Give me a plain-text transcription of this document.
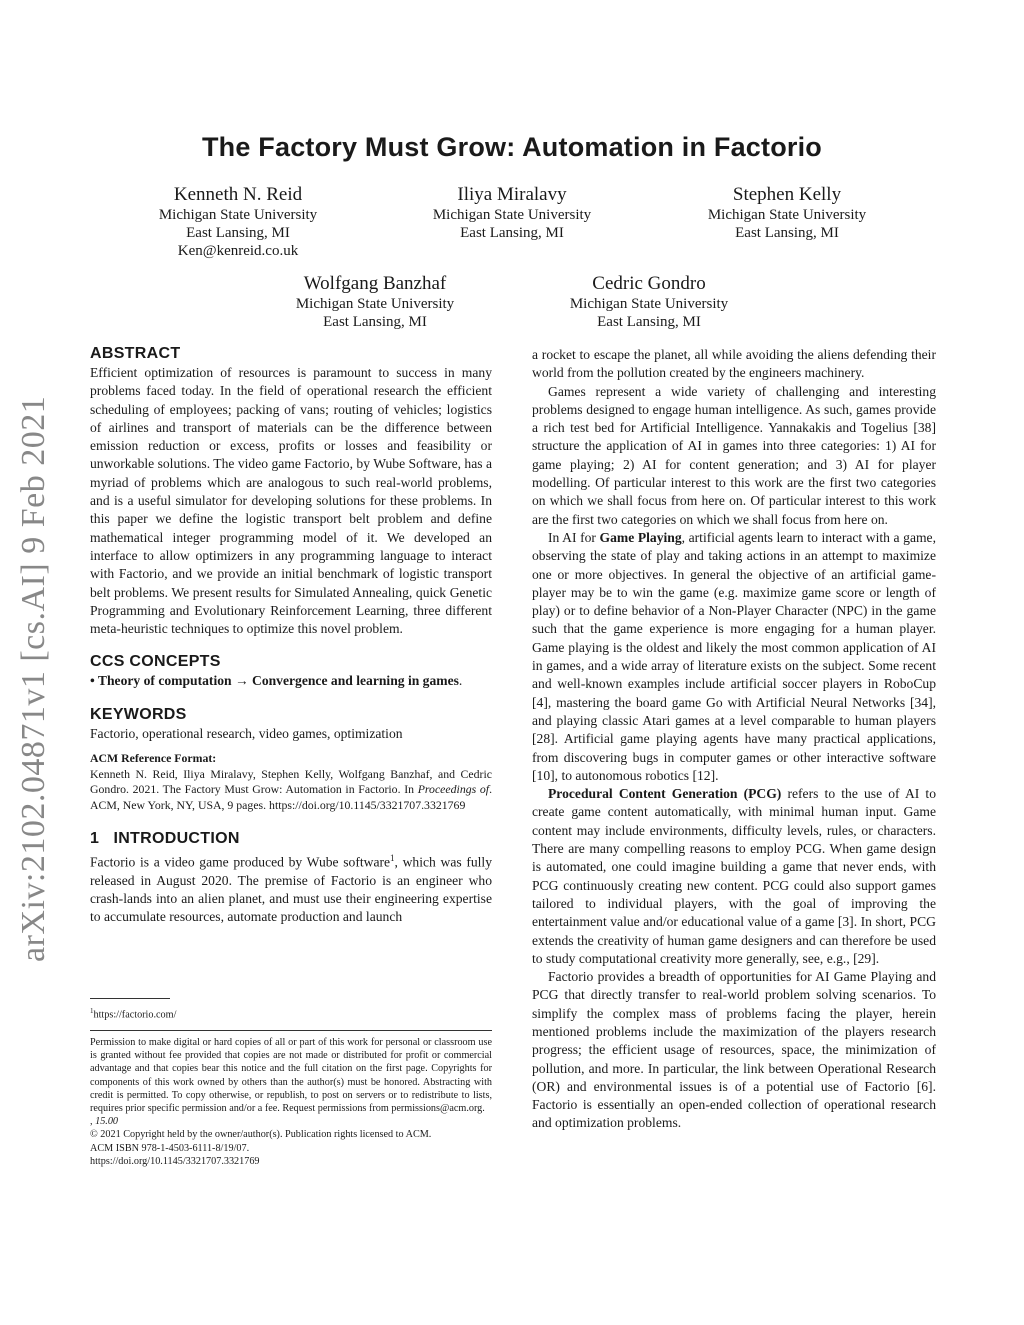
arXiv:2102.04871v1 [cs.AI] 9 Feb 2021
The Factory Must Grow: Automation in Factorio
Kenneth N. Reid
Michigan State University
East Lansing, MI
Ken@kenreid.co.uk
Iliya Miralavy
Michigan State University
East Lansing, MI
Stephen Kelly
Michigan State University
East Lansing, MI
Wolfgang Banzhaf
Michigan State University
East Lansing, MI
Cedric Gondro
Michigan State University
East Lansing, MI
ABSTRACT

Efficient optimization of resources is paramount to success in many problems faced today. In the field of operational research the efficient scheduling of employees; packing of vans; routing of vehicles; logistics of airlines and transport of materials can be the difference between emission reduction or excess, profits or losses and feasibility or unworkable solutions. The video game Factorio, by Wube Software, has a myriad of problems which are analogous to such real-world problems, and is a useful simulator for developing solutions for these problems. In this paper we define the logistic transport belt problem and define mathematical integer programming model of it. We developed an interface to allow optimizers in any programming language to interact with Factorio, and we provide an initial benchmark of logistic transport belt problems. We present results for Simulated Annealing, quick Genetic Programming and Evolutionary Reinforcement Learning, three different meta-heuristic techniques to optimize this novel problem.

CCS CONCEPTS

• Theory of computation → Convergence and learning in games.

KEYWORDS

Factorio, operational research, video games, optimization

ACM Reference Format:
Kenneth N. Reid, Iliya Miralavy, Stephen Kelly, Wolfgang Banzhaf, and Cedric Gondro. 2021. The Factory Must Grow: Automation in Factorio. In Proceedings of. ACM, New York, NY, USA, 9 pages. https://doi.org/10.1145/3321707.3321769
1 INTRODUCTION

Factorio is a video game produced by Wube software$^1$, which was fully released in August 2020. The premise of Factorio is an engineer who crash-lands into an alien planet, and must use their engineering expertise to accumulate resources, automate production and launch

$^1$https://factorio.com/
Permission to make digital or hard copies of all or part of this work for personal or classroom use is granted without fee provided that copies are not made or distributed for profit or commercial advantage and that copies bear this notice and the full citation on the first page. Copyrights for components of this work owned by others than the author(s) must be honored. Abstracting with credit is permitted. To copy otherwise, or republish, to post on servers or to redistribute to lists, requires prior specific permission and/or a fee. Request permissions from permissions@acm.org.
, 15.00
© 2021 Copyright held by the owner/author(s). Publication rights licensed to ACM.
ACM ISBN 978-1-4503-6111-8/19/07.
https://doi.org/10.1145/3321707.3321769

a rocket to escape the planet, all while avoiding the aliens defending their world from the pollution created by the engineers machinery.

Games represent a wide variety of challenging and interesting problems designed to engage human intelligence. As such, games provide a rich test bed for Artificial Intelligence. Yannakakis and Togelius [38] structure the application of AI in games into three categories: 1) AI for game playing; 2) AI for content generation; and 3) AI for player modelling. Of particular interest to this work are the first two categories on which we shall focus from here on. Of particular interest to this work are the first two categories on which we shall focus from here on.

In AI for Game Playing, artificial agents learn to interact with a game, observing the state of play and taking actions in an attempt to maximize one or more objectives. In general the objective of an artificial game-player may be to win the game (e.g. maximize game score or length of play) or to define behavior of a Non-Player Character (NPC) in the game such that the game experience is more engaging for a human player. Game playing is the oldest and likely the most common application of AI in games, and a wide array of literature exists on the subject. Some recent and well-known examples include artificial soccer players in RoboCup [4], mastering the board game Go with Artificial Neural Networks [34], and playing classic Atari games at a level comparable to human players [28]. Artificial game playing agents have many practical applications, from discovering bugs in computer games or other interactive software [10], to autonomous robotics [12].

Procedural Content Generation (PCG) refers to the use of AI to create game content automatically, with minimal human input. Game content may include environments, difficulty levels, rules, or characters. There are many compelling reasons to employ PCG. When game design is automated, one could imagine building a game that never ends, with PCG continuously creating new content. PCG could also support games tailored to individual players, with the goal of improving the entertainment value and/or educational value of a game [3]. In short, PCG extends the creativity of human game designers and can therefore be used to study computational creativity more generally, see, e.g., [29].

Factorio provides a breadth of opportunities for AI Game Playing and PCG that directly transfer to real-world problem solving scenarios. To simplify the complex mass of problems facing the player, herein mentioned problems include the maximization of the players research progress; the efficient usage of resources, space, the minimization of pollution, and more. In particular, the link between Operational Research (OR) and environmental issues is of a potential use of Factorio [6]. Factorio is essentially an open-ended collection of operational research and optimization problems.
